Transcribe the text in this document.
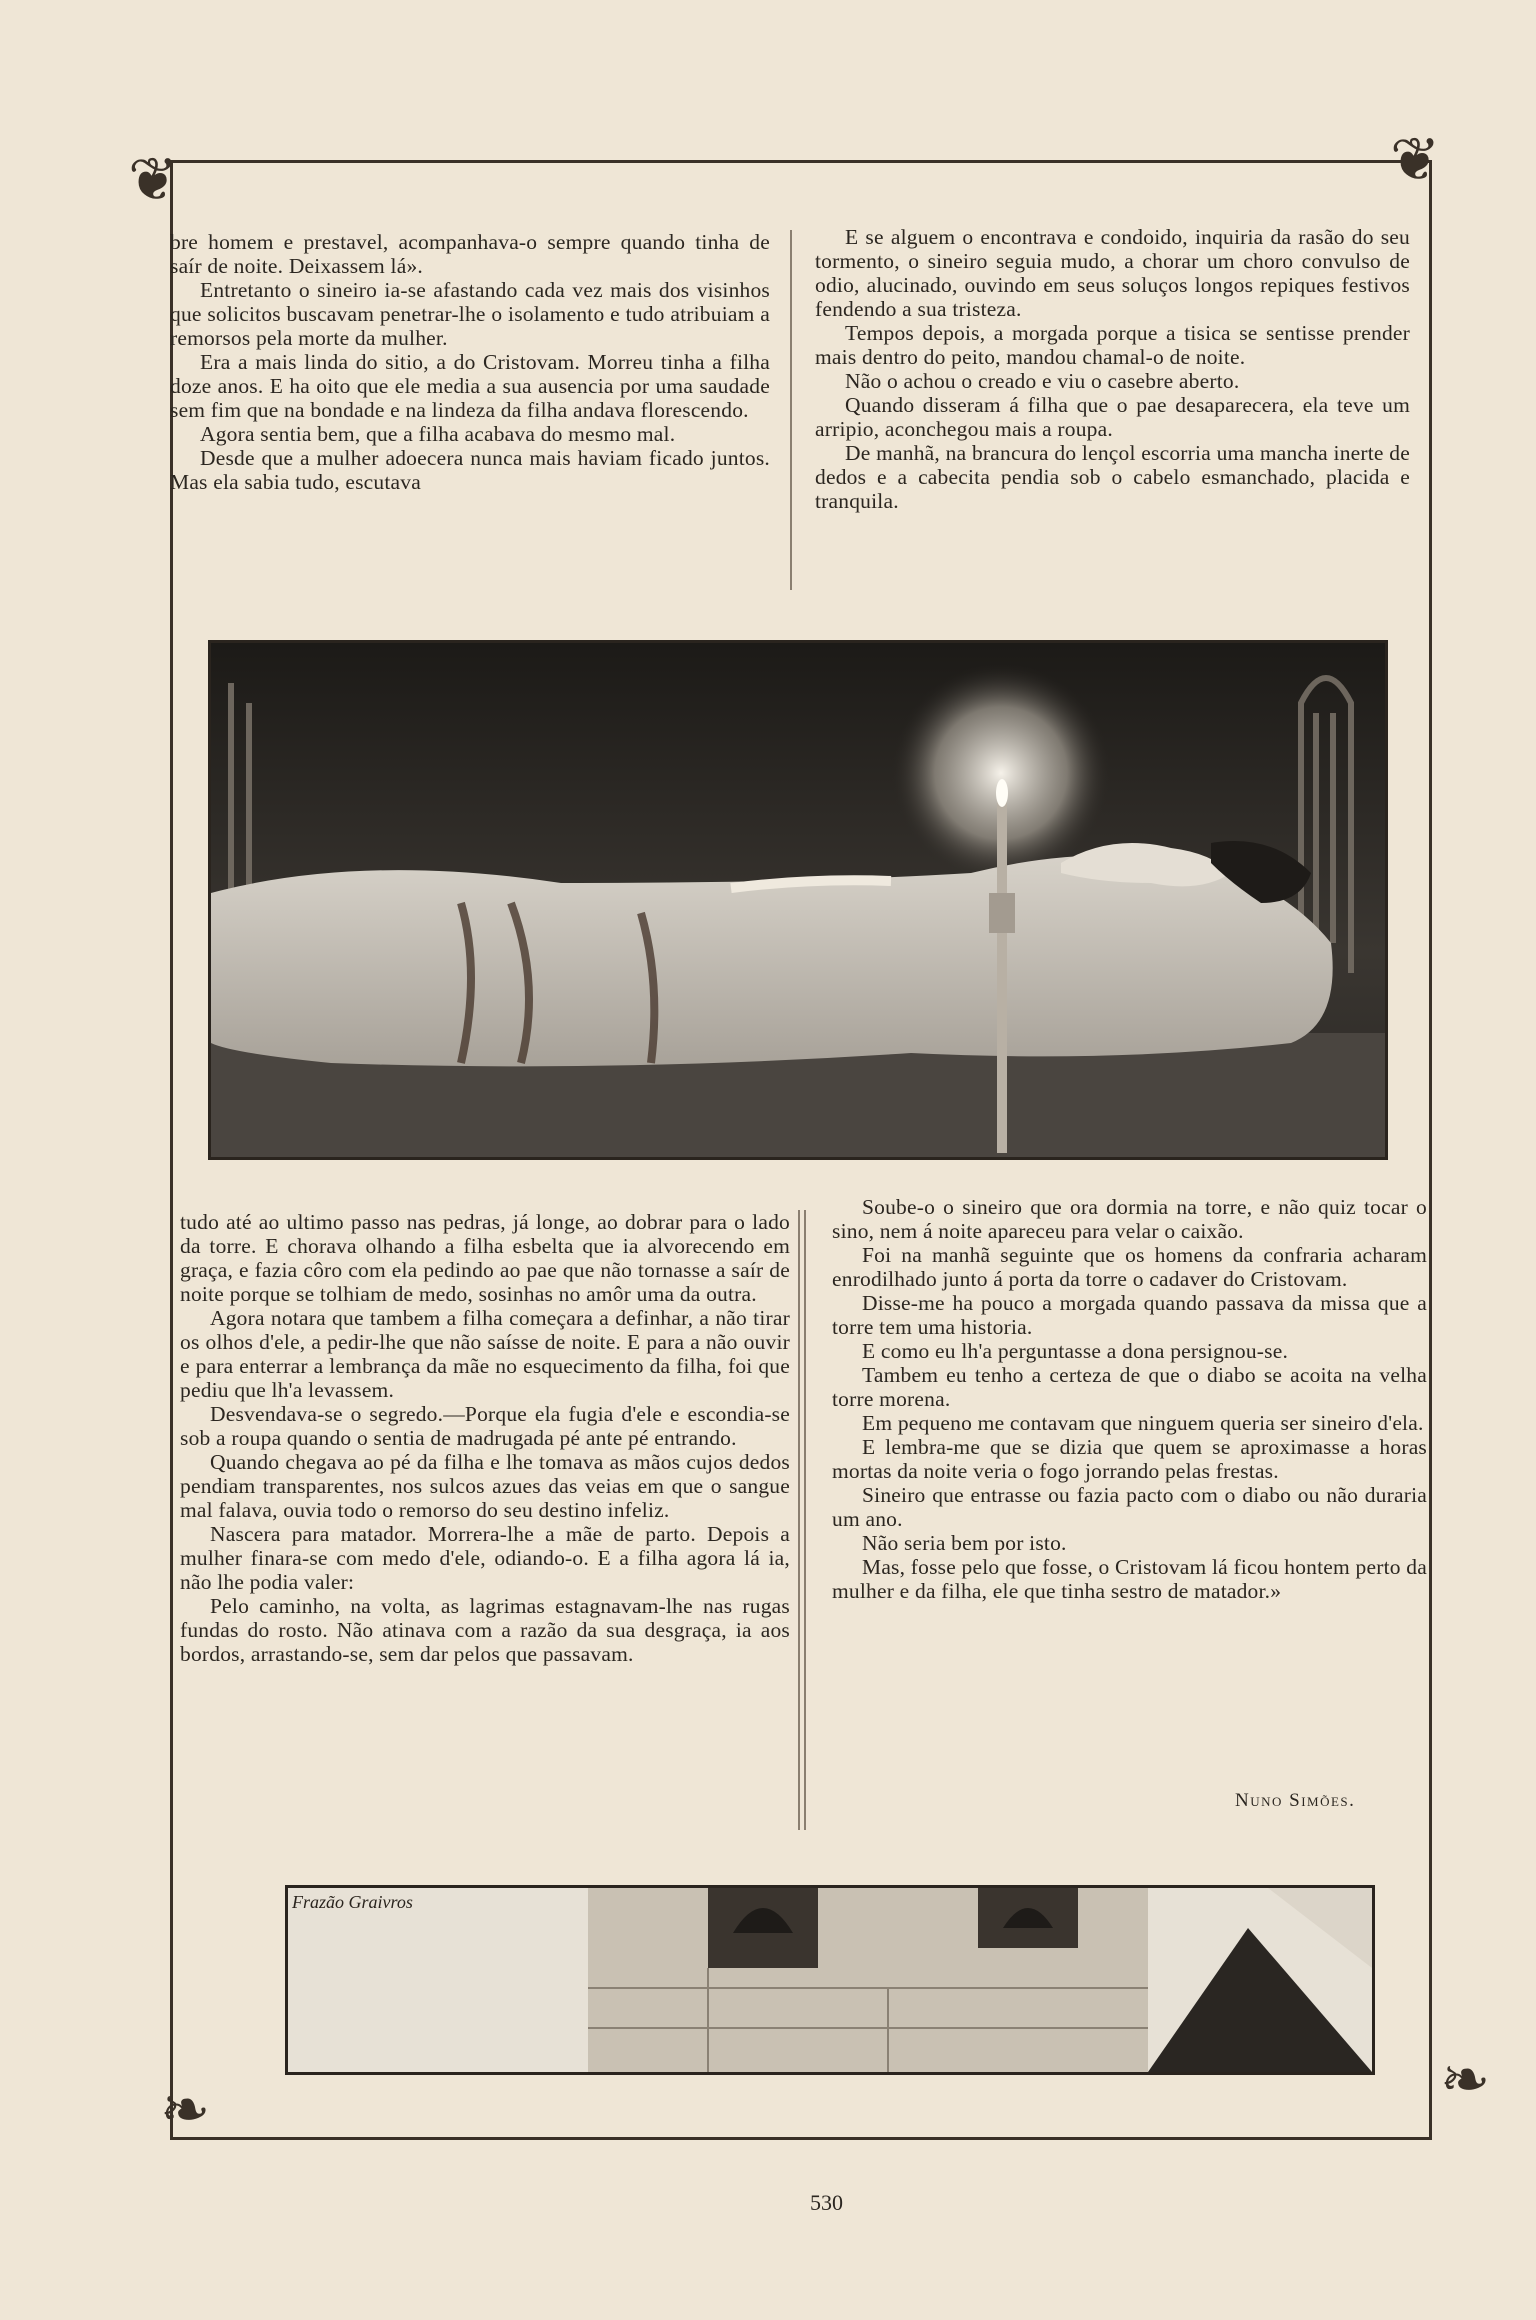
❦	❦
❧	❧

bre homem e prestavel, acompanhava-o sempre quando tinha de saír de noite. Deixassem lá».

Entretanto o sineiro ia-se afastando cada vez mais dos visinhos que solicitos buscavam penetrar-lhe o isolamento e tudo atribuiam a remorsos pela morte da mulher.

Era a mais linda do sitio, a do Cristovam. Morreu tinha a filha doze anos. E ha oito que ele media a sua ausencia por uma saudade sem fim que na bondade e na lindeza da filha andava florescendo.

Agora sentia bem, que a filha acabava do mesmo mal.

Desde que a mulher adoecera nunca mais haviam ficado juntos. Mas ela sabia tudo, escutava

E se alguem o encontrava e condoido, inquiria da rasão do seu tormento, o sineiro seguia mudo, a chorar um choro convulso de odio, alucinado, ouvindo em seus soluços longos repiques festivos fendendo a sua tristeza.

Tempos depois, a morgada porque a tisica se sentisse prender mais dentro do peito, mandou chamal-o de noite.

Não o achou o creado e viu o casebre aberto.

Quando disseram á filha que o pae desaparecera, ela teve um arripio, aconchegou mais a roupa.

De manhã, na brancura do lençol escorria uma mancha inerte de dedos e a cabecita pendia sob o cabelo esmanchado, placida e tranquila.

tudo até ao ultimo passo nas pedras, já longe, ao dobrar para o lado da torre. E chorava olhando a filha esbelta que ia alvorecendo em graça, e fazia côro com ela pedindo ao pae que não tornasse a saír de noite porque se tolhiam de medo, sosinhas no amôr uma da outra.

Agora notara que tambem a filha começara a definhar, a não tirar os olhos d'ele, a pedir-lhe que não saísse de noite. E para a não ouvir e para enterrar a lembrança da mãe no esquecimento da filha, foi que pediu que lh'a levassem.

Desvendava-se o segredo.—Porque ela fugia d'ele e escondia-se sob a roupa quando o sentia de madrugada pé ante pé entrando.

Quando chegava ao pé da filha e lhe tomava as mãos cujos dedos pendiam transparentes, nos sulcos azues das veias em que o sangue mal falava, ouvia todo o remorso do seu destino infeliz.

Nascera para matador. Morrera-lhe a mãe de parto. Depois a mulher finara-se com medo d'ele, odiando-o. E a filha agora lá ia, não lhe podia valer:

Pelo caminho, na volta, as lagrimas estagnavam-lhe nas rugas fundas do rosto. Não atinava com a razão da sua desgraça, ia aos bordos, arrastando-se, sem dar pelos que passavam.

Soube-o o sineiro que ora dormia na torre, e não quiz tocar o sino, nem á noite apareceu para velar o caixão.

Foi na manhã seguinte que os homens da confraria acharam enrodilhado junto á porta da torre o cadaver do Cristovam.

Disse-me ha pouco a morgada quando passava da missa que a torre tem uma historia.

E como eu lh'a perguntasse a dona persignou-se.

Tambem eu tenho a certeza de que o diabo se acoita na velha torre morena.

Em pequeno me contavam que ninguem queria ser sineiro d'ela.

E lembra-me que se dizia que quem se aproximasse a horas mortas da noite veria o fogo jorrando pelas frestas.

Sineiro que entrasse ou fazia pacto com o diabo ou não duraria um ano.

Não seria bem por isto.

Mas, fosse pelo que fosse, o Cristovam lá ficou hontem perto da mulher e da filha, ele que tinha sestro de matador.»

Nuno Simões.
Frazão Graivros
530
